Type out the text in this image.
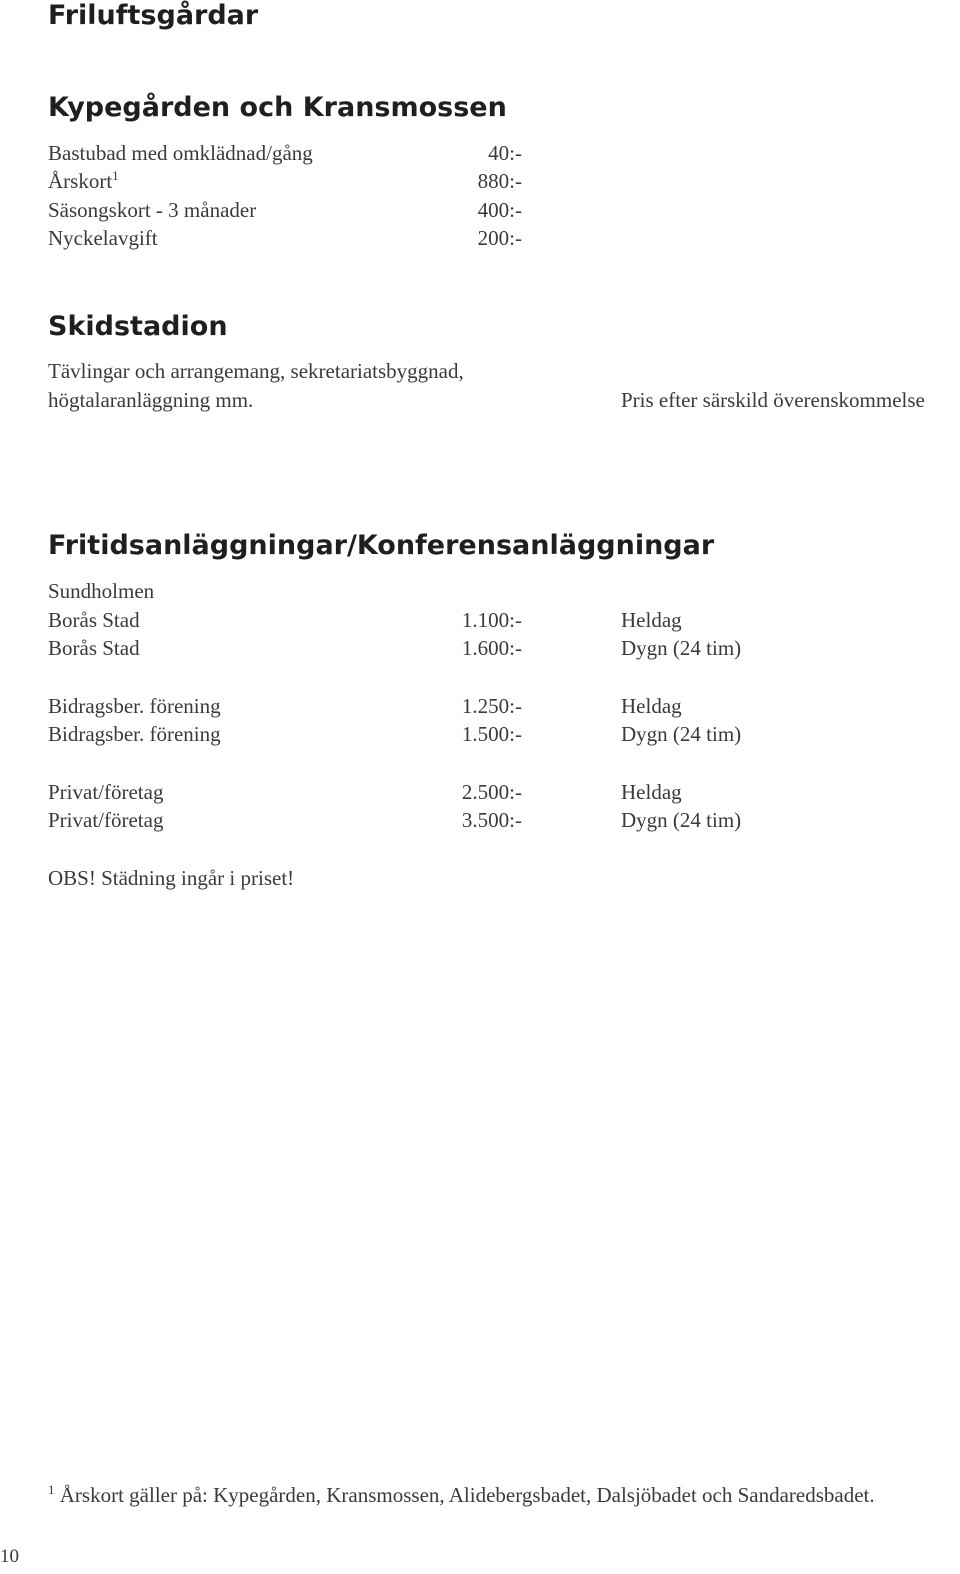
Friluftsgårdar
Kypegården och Kransmossen
Bastubad med omklädnad/gång	40:-
Årskort$^1$	880:-
Säsongskort - 3 månader	400:-
Nyckelavgift	200:-
Skidstadion
Tävlingar och arrangemang, sekretariatsbyggnad,
högtalaranläggning mm.	Pris efter särskild överenskommelse
Fritidsanläggningar/Konferensanläggningar
Sundholmen
Borås Stad	1.100:-	Heldag
Borås Stad	1.600:-	Dygn (24 tim)
Bidragsber. förening	1.250:-	Heldag
Bidragsber. förening	1.500:-	Dygn (24 tim)
Privat/företag	2.500:-	Heldag
Privat/företag	3.500:-	Dygn (24 tim)
OBS! Städning ingår i priset!
$^1$ Årskort gäller på: Kypegården, Kransmossen, Alidebergsbadet, Dalsjöbadet och Sandaredsbadet.
10
